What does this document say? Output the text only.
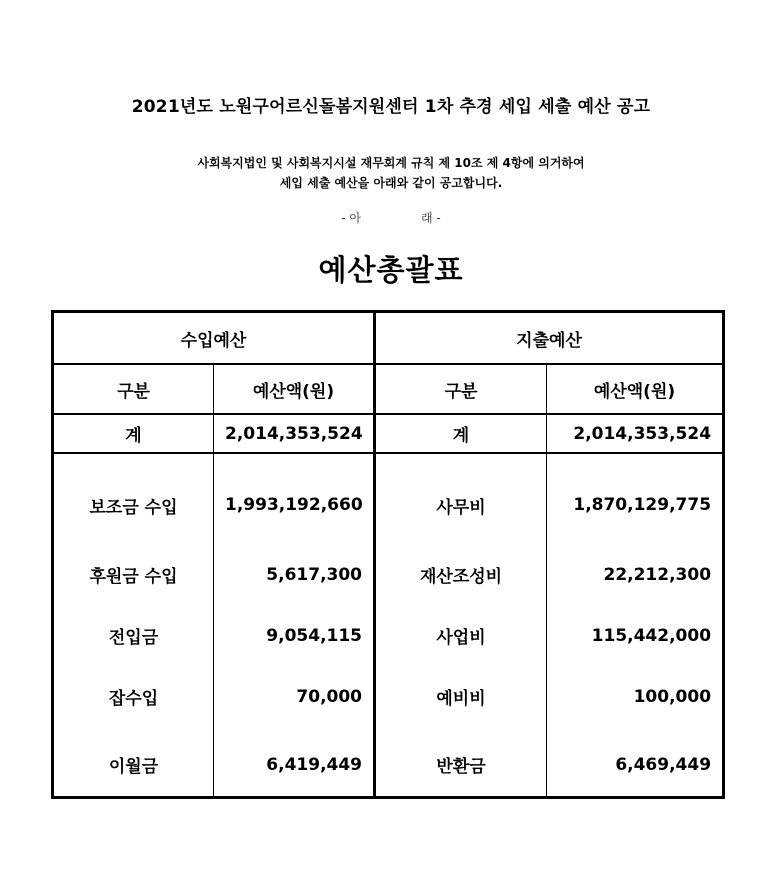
2021년도 노원구어르신돌봄지원센터 1차 추경 세입 세출 예산 공고
사회복지법인 및 사회복지시설 재무회계 규칙 제 10조 제 4항에 의거하여
세입 세출 예산을 아래와 같이 공고합니다.
- 아	래 -
예산총괄표
수입예산		지출예산	
구분	예산액(원)	구분	예산액(원)
계	2,014,353,524	계	2,014,353,524
보조금 수입	1,993,192,660	사무비	1,870,129,775
후원금 수입	5,617,300	재산조성비	22,212,300
전입금	9,054,115	사업비	115,442,000
잡수입	70,000	예비비	100,000
이월금	6,419,449	반환금	6,469,449
